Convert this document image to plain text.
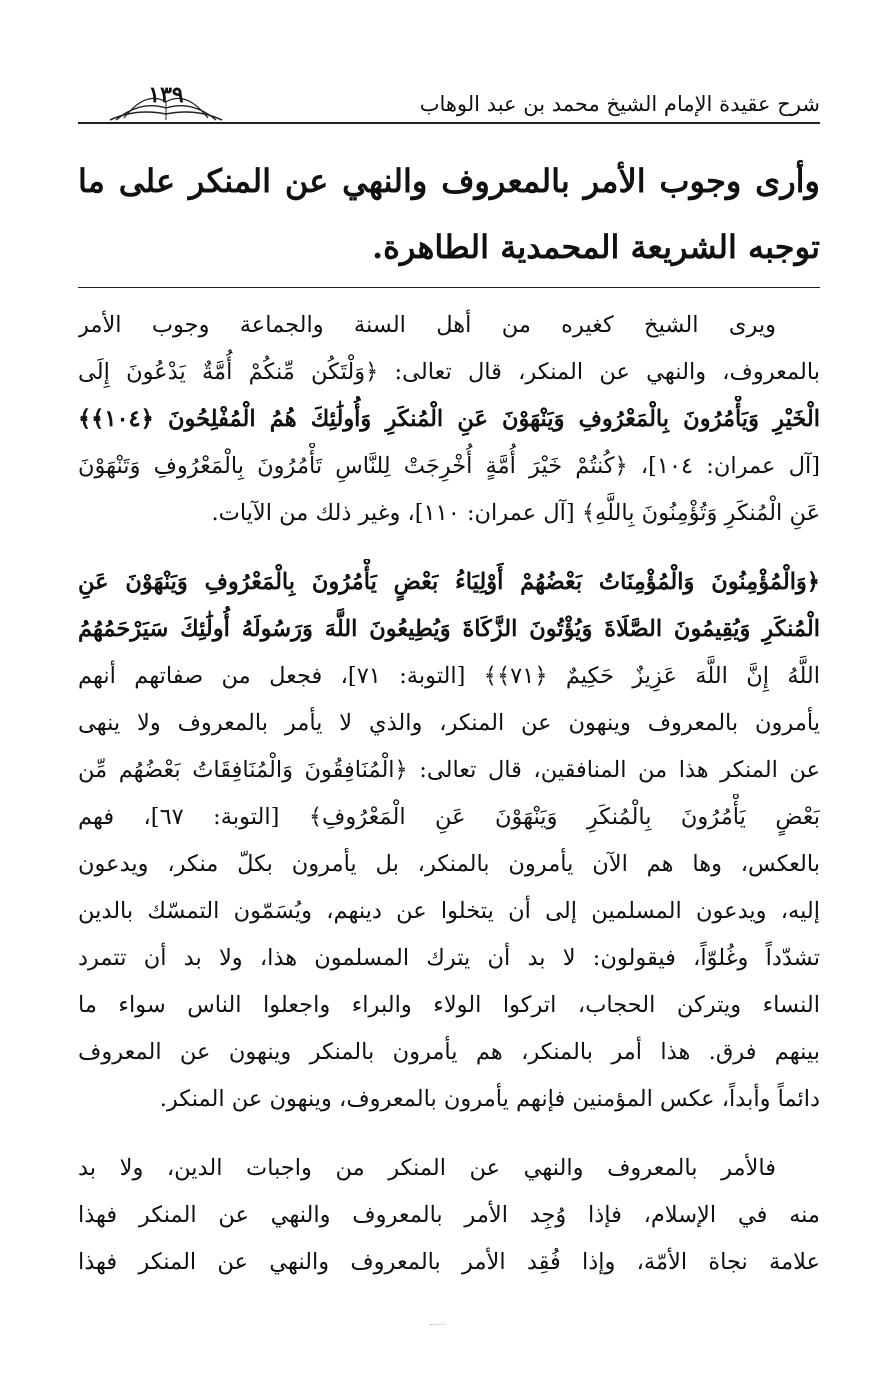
شرح عقيدة الإمام الشيخ محمد بن عبد الوهاب
١٣٩
وأرى وجوب الأمر بالمعروف والنهي عن المنكر على ما
توجبه الشريعة المحمدية الطاهرة.
ويرى الشيخ كغيره من أهل السنة والجماعة وجوب الأمر
بالمعروف، والنهي عن المنكر، قال تعالى: ﴿وَلْتَكُن مِّنكُمْ أُمَّةٌ يَدْعُونَ إِلَى
الْخَيْرِ وَيَأْمُرُونَ بِالْمَعْرُوفِ وَيَنْهَوْنَ عَنِ الْمُنكَرِ وَأُولَٰئِكَ هُمُ الْمُفْلِحُونَ ﴿١٠٤﴾﴾
[آل عمران: ١٠٤]، ﴿كُنتُمْ خَيْرَ أُمَّةٍ أُخْرِجَتْ لِلنَّاسِ تَأْمُرُونَ بِالْمَعْرُوفِ وَتَنْهَوْنَ
عَنِ الْمُنكَرِ وَتُؤْمِنُونَ بِاللَّهِ﴾ [آل عمران: ١١٠]، وغير ذلك من الآيات.
﴿وَالْمُؤْمِنُونَ وَالْمُؤْمِنَاتُ بَعْضُهُمْ أَوْلِيَاءُ بَعْضٍ يَأْمُرُونَ بِالْمَعْرُوفِ وَيَنْهَوْنَ عَنِ
الْمُنكَرِ وَيُقِيمُونَ الصَّلَاةَ وَيُؤْتُونَ الزَّكَاةَ وَيُطِيعُونَ اللَّهَ وَرَسُولَهُ أُولَٰئِكَ سَيَرْحَمُهُمُ
اللَّهُ إِنَّ اللَّهَ عَزِيزٌ حَكِيمٌ ﴿٧١﴾﴾ [التوبة: ٧١]، فجعل من صفاتهم أنهم
يأمرون بالمعروف وينهون عن المنكر، والذي لا يأمر بالمعروف ولا ينهى
عن المنكر هذا من المنافقين، قال تعالى: ﴿الْمُنَافِقُونَ وَالْمُنَافِقَاتُ بَعْضُهُم مِّن
بَعْضٍ يَأْمُرُونَ بِالْمُنكَرِ وَيَنْهَوْنَ عَنِ الْمَعْرُوفِ﴾ [التوبة: ٦٧]، فهم
بالعكس، وها هم الآن يأمرون بالمنكر، بل يأمرون بكلّ منكر، ويدعون
إليه، ويدعون المسلمين إلى أن يتخلوا عن دينهم، ويُسَمّون التمسّك بالدين
تشدّداً وغُلوّاً، فيقولون: لا بد أن يترك المسلمون هذا، ولا بد أن تتمرد
النساء ويتركن الحجاب، اتركوا الولاء والبراء واجعلوا الناس سواء ما
بينهم فرق. هذا أمر بالمنكر، هم يأمرون بالمنكر وينهون عن المعروف
دائماً وأبداً، عكس المؤمنين فإنهم يأمرون بالمعروف، وينهون عن المنكر.
فالأمر بالمعروف والنهي عن المنكر من واجبات الدين، ولا بد
منه في الإسلام، فإذا وُجِد الأمر بالمعروف والنهي عن المنكر فهذا
علامة نجاة الأمّة، وإذا فُقِد الأمر بالمعروف والنهي عن المنكر فهذا
